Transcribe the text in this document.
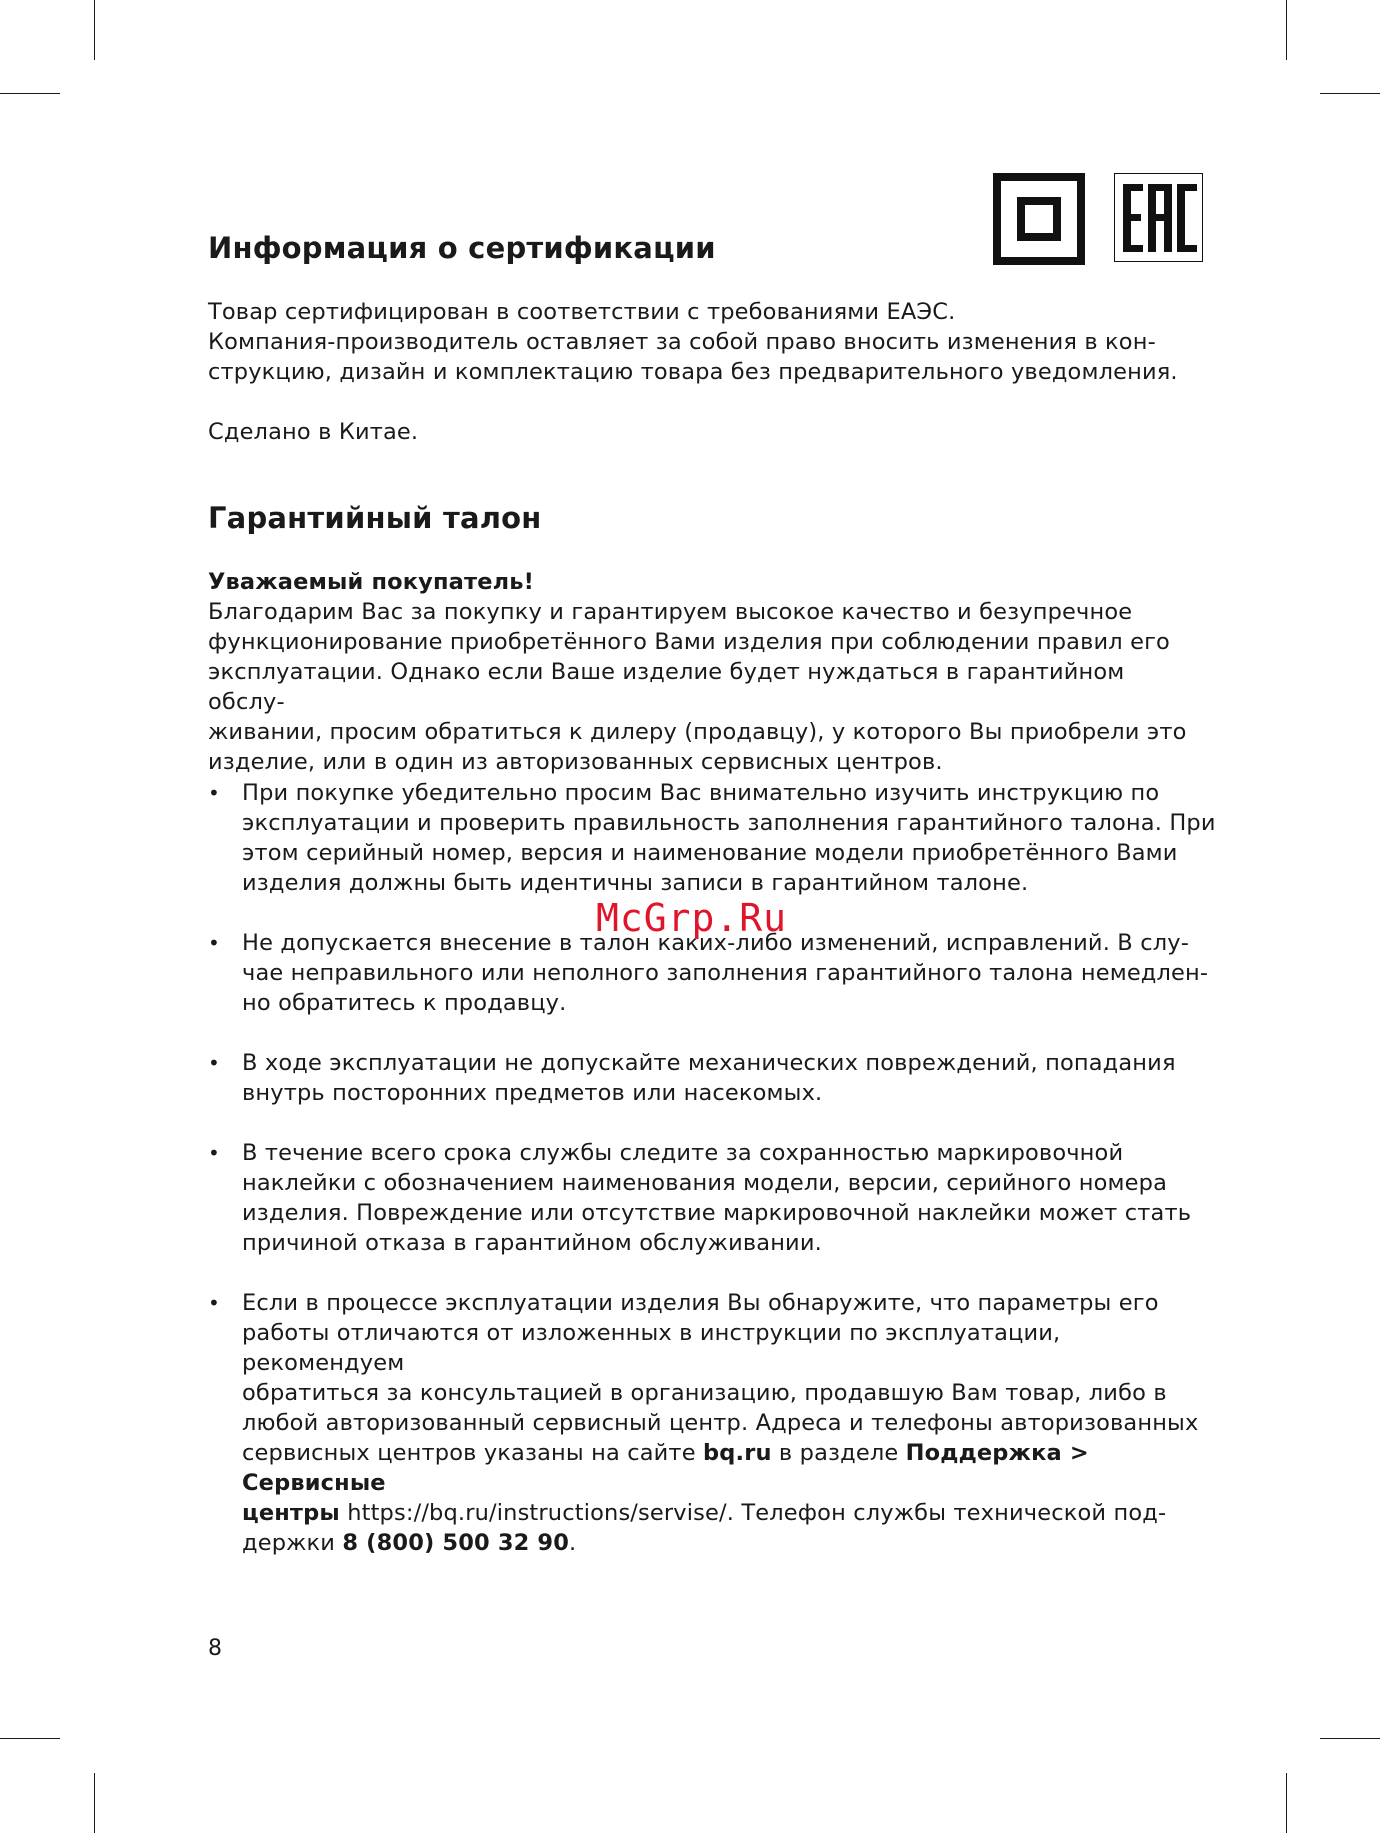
Информация о сертификации

Товар сертифицирован в соответствии с требованиями ЕАЭС.
Компания-производитель оставляет за собой право вносить изменения в кон-
струкцию, дизайн и комплектацию товара без предварительного уведомления.

Сделано в Китае.

Гарантийный талон

Уважаемый покупатель!
Благодарим Вас за покупку и гарантируем высокое качество и безупречное
функционирование приобретённого Вами изделия при соблюдении правил его
эксплуатации. Однако если Ваше изделие будет нуждаться в гарантийном обслу-
живании, просим обратиться к дилеру (продавцу), у которого Вы приобрели это
изделие, или в один из авторизованных сервисных центров.

• При покупке убедительно просим Вас внимательно изучить инструкцию по
эксплуатации и проверить правильность заполнения гарантийного талона. При
этом серийный номер, версия и наименование модели приобретённого Вами
изделия должны быть идентичны записи в гарантийном талоне.
• Не допускается внесение в талон каких-либо изменений, исправлений. В слу-
чае неправильного или неполного заполнения гарантийного талона немедлен-
но обратитесь к продавцу.
• В ходе эксплуатации не допускайте механических повреждений, попадания
внутрь посторонних предметов или насекомых.
• В течение всего срока службы следите за сохранностью маркировочной
наклейки с обозначением наименования модели, версии, серийного номера
изделия. Повреждение или отсутствие маркировочной наклейки может стать
причиной отказа в гарантийном обслуживании.
• Если в процессе эксплуатации изделия Вы обнаружите, что параметры его
работы отличаются от изложенных в инструкции по эксплуатации, рекомендуем
обратиться за консультацией в организацию, продавшую Вам товар, либо в
любой авторизованный сервисный центр. Адреса и телефоны авторизованных
сервисных центров указаны на сайте bq.ru в разделе Поддержка > Сервисные
центры https://bq.ru/instructions/servise/. Телефон службы технической под-
держки 8 (800) 500 32 90.
McGrp.Ru
8
